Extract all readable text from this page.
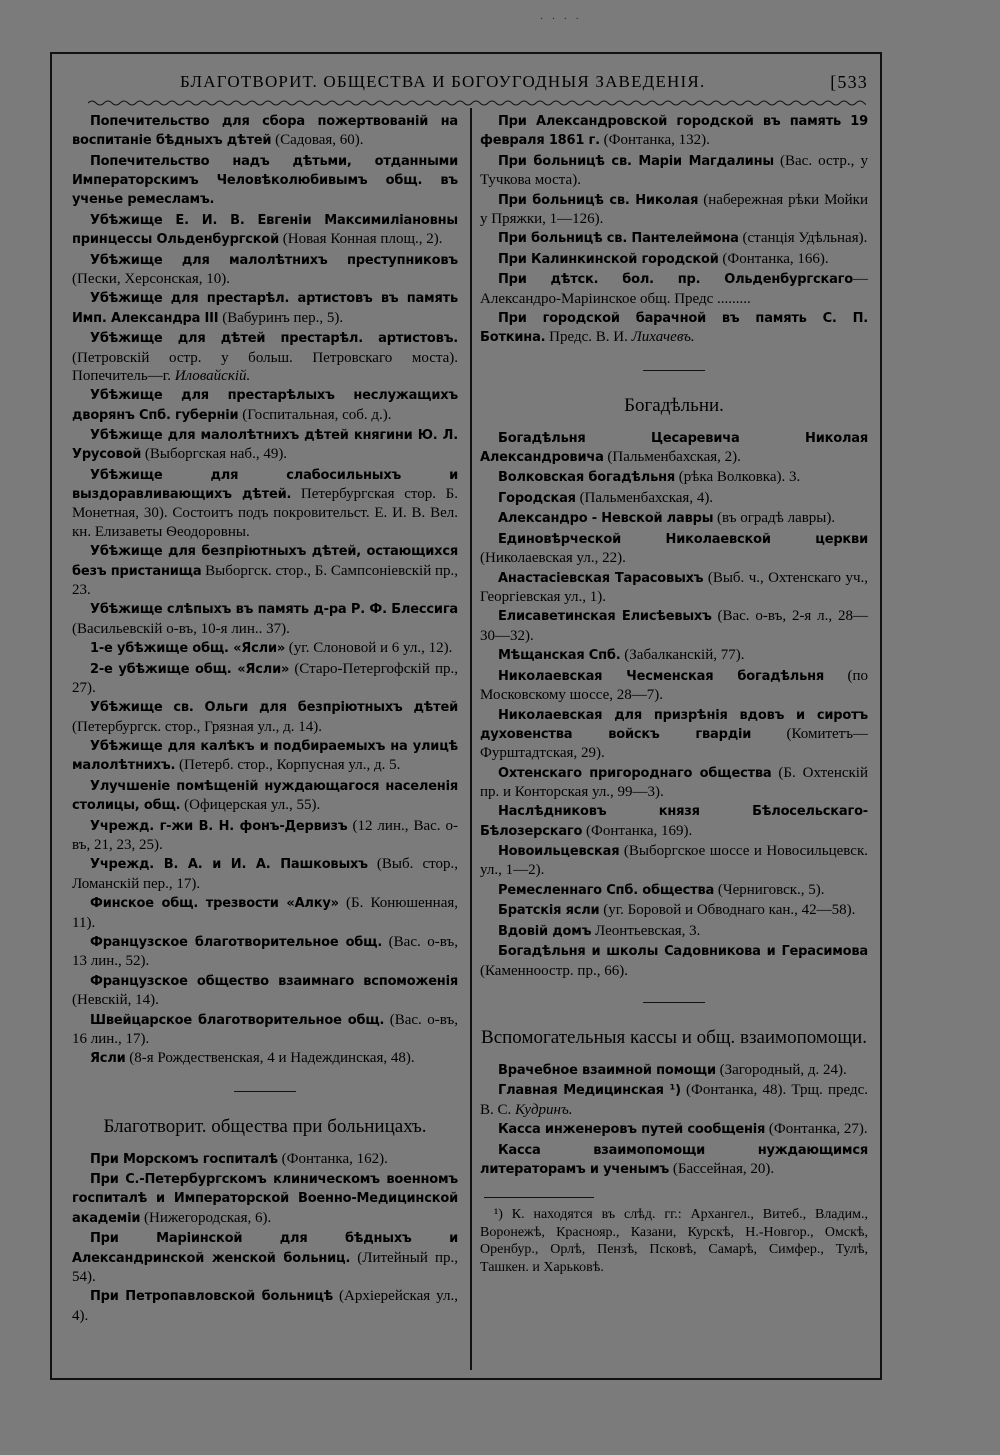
· · · ·
БЛАГОТВОРИТ. ОБЩЕСТВА И БОГОУГОДНЫЯ ЗАВЕДЕНІЯ.	[533

Попечительство для сбора пожертвованій на воспитаніе бѣдныхъ дѣтей (Садовая, 60).

Попечительство надъ дѣтьми, отданными Императорскимъ Человѣколюбивымъ общ. въ ученье ремесламъ.

Убѣжище Е. И. В. Евгеніи Максимиліановны принцессы Ольденбургской (Новая Конная площ., 2).

Убѣжище для малолѣтнихъ преступниковъ (Пески, Херсонская, 10).

Убѣжище для престарѣл. артистовъ въ память Имп. Александра III (Вабуринъ пер., 5).

Убѣжище для дѣтей престарѣл. артистовъ. (Петровскій остр. у больш. Петровскаго моста). Попечитель—г. Иловайскій.

Убѣжище для престарѣлыхъ неслужащихъ дворянъ Спб. губерніи (Госпитальная, соб. д.).

Убѣжище для малолѣтнихъ дѣтей княгини Ю. Л. Урусовой (Выборгская наб., 49).

Убѣжище для слабосильныхъ и выздоравливающихъ дѣтей. Петербургская стор. Б. Монетная, 30). Состоитъ подъ покровительст. Е. И. В. Вел. кн. Елизаветы Ѳеодоровны.

Убѣжище для безпріютныхъ дѣтей, остающихся безъ пристанища Выборгск. стор., Б. Сампсоніевскій пр., 23.

Убѣжище слѣпыхъ въ память д-ра Р. Ф. Блессига (Васильевскій о-въ, 10-я лин.. 37).

1-е убѣжище общ. «Ясли» (уг. Слоновой и 6 ул., 12).

2-е убѣжище общ. «Ясли» (Старо-Петергофскій пр., 27).

Убѣжище св. Ольги для безпріютныхъ дѣтей (Петербургск. стор., Грязная ул., д. 14).

Убѣжище для калѣкъ и подбираемыхъ на улицѣ малолѣтнихъ. (Петерб. стор., Корпусная ул., д. 5.

Улучшеніе помѣщеній нуждающагося населенія столицы, общ. (Офицерская ул., 55).

Учрежд. г-жи В. Н. фонъ-Дервизъ (12 лин., Вас. о-въ, 21, 23, 25).

Учрежд. В. А. и И. А. Пашковыхъ (Выб. стор., Ломанскій пер., 17).

Финское общ. трезвости «Алку» (Б. Конюшенная, 11).

Французское благотворительное общ. (Вас. о-въ, 13 лин., 52).

Французское общество взаимнаго вспоможенія (Невскій, 14).

Швейцарское благотворительное общ. (Вас. о-въ, 16 лин., 17).

Ясли (8-я Рождественская, 4 и Надеждинская, 48).

Благотворит. общества при больницахъ.

При Морскомъ госпиталѣ (Фонтанка, 162).

При С.-Петербургскомъ клиническомъ военномъ госпиталѣ и Императорской Военно-Медицинской академіи (Нижегородская, 6).

При Маріинской для бѣдныхъ и Александринской женской больниц. (Литейный пр., 54).

При Петропавловской больницѣ (Архіерейская ул., 4).

При Александровской городской въ память 19 февраля 1861 г. (Фонтанка, 132).

При больницѣ св. Маріи Магдалины (Вас. остр., у Тучкова моста).

При больницѣ св. Николая (набережная рѣки Мойки у Пряжки, 1—126).

При больницѣ св. Пантелеймона (станція Удѣльная).

При Калинкинской городской (Фонтанка, 166).

При дѣтск. бол. пр. Ольденбургскаго—Александро-Маріинское общ. Предс .........

При городской барачной въ память С. П. Боткина. Предс. В. И. Лихачевъ.

Богадѣльни.

Богадѣльня Цесаревича Николая Александровича (Пальменбахская, 2).

Волковская богадѣльня (рѣка Волковка). 3.

Городская (Пальменбахская, 4).

Александро - Невской лавры (въ оградѣ лавры).

Единовѣрческой Николаевской церкви (Николаевская ул., 22).

Анастасіевская Тарасовыхъ (Выб. ч., Охтенскаго уч., Георгіевская ул., 1).

Елисаветинская Елисѣевыхъ (Вас. о-въ, 2-я л., 28—30—32).

Мѣщанская Спб. (Забалканскій, 77).

Николаевская Чесменская богадѣльня (по Московскому шоссе, 28—7).

Николаевская для призрѣнія вдовъ и сиротъ духовенства войскъ гвардіи (Комитетъ—Фурштадтская, 29).

Охтенскаго пригороднаго общества (Б. Охтенскій пр. и Конторская ул., 99—3).

Наслѣдниковъ князя Бѣлосельскаго-Бѣлозерскаго (Фонтанка, 169).

Новоильцевская (Выборгское шоссе и Новосильцевск. ул., 1—2).

Ремесленнаго Спб. общества (Черниговск., 5).

Братскія ясли (уг. Боровой и Обводнаго кан., 42—58).

Вдовій домъ Леонтьевская, 3.

Богадѣльня и школы Садовникова и Герасимова (Каменноостр. пр., 66).

Вспомогательныя кассы и общ. взаимопомощи.

Врачебное взаимной помощи (Загородный, д. 24).

Главная Медицинская ¹) (Фонтанка, 48). Трщ. предс. В. С. Кудринъ.

Касса инженеровъ путей сообщенія (Фонтанка, 27).

Касса взаимопомощи нуждающимся литераторамъ и ученымъ (Бассейная, 20).

¹) К. находятся въ слѣд. гг.: Архангел., Витеб., Владим., Воронежѣ, Краснояр., Казани, Курскѣ, Н.-Новгор., Омскѣ, Оренбур., Орлѣ, Пензѣ, Псковѣ, Самарѣ, Симфер., Тулѣ, Ташкен. и Харьковѣ.
